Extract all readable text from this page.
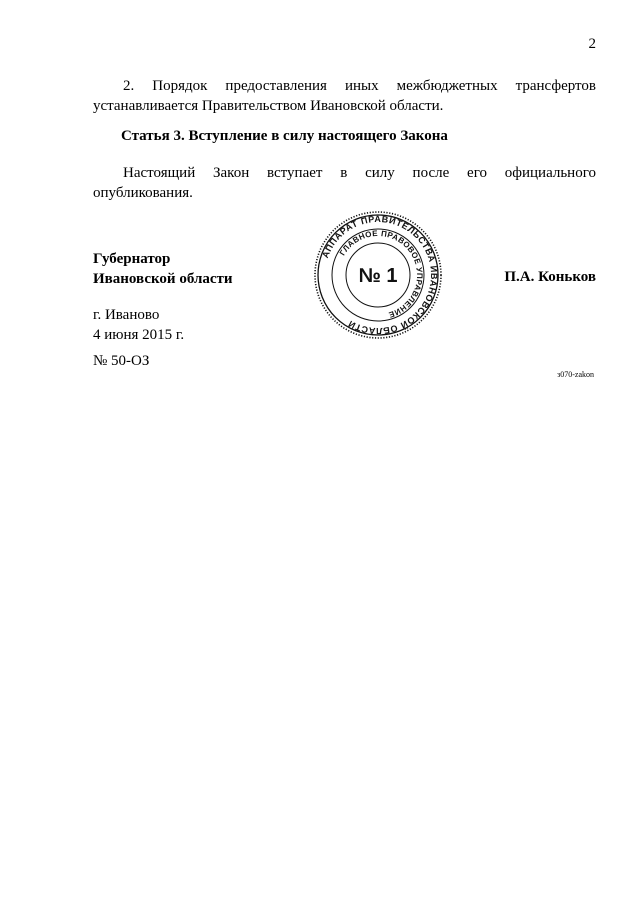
2
2. Порядок предоставления иных межбюджетных трансфертов устанавливается Правительством Ивановской области.
Статья 3. Вступление в силу настоящего Закона
Настоящий Закон вступает в силу после его официального опубликования.
Губернатор
Ивановской области
АППАРАТ ПРАВИТЕЛЬСТВА ИВАНОВСКОЙ ОБЛАСТИ
ГЛАВНОЕ ПРАВОВОЕ УПРАВЛЕНИЕ
№ 1	П.А. Коньков
г. Иваново
4 июня 2015 г.
№ 50-ОЗ
з070-zakon
